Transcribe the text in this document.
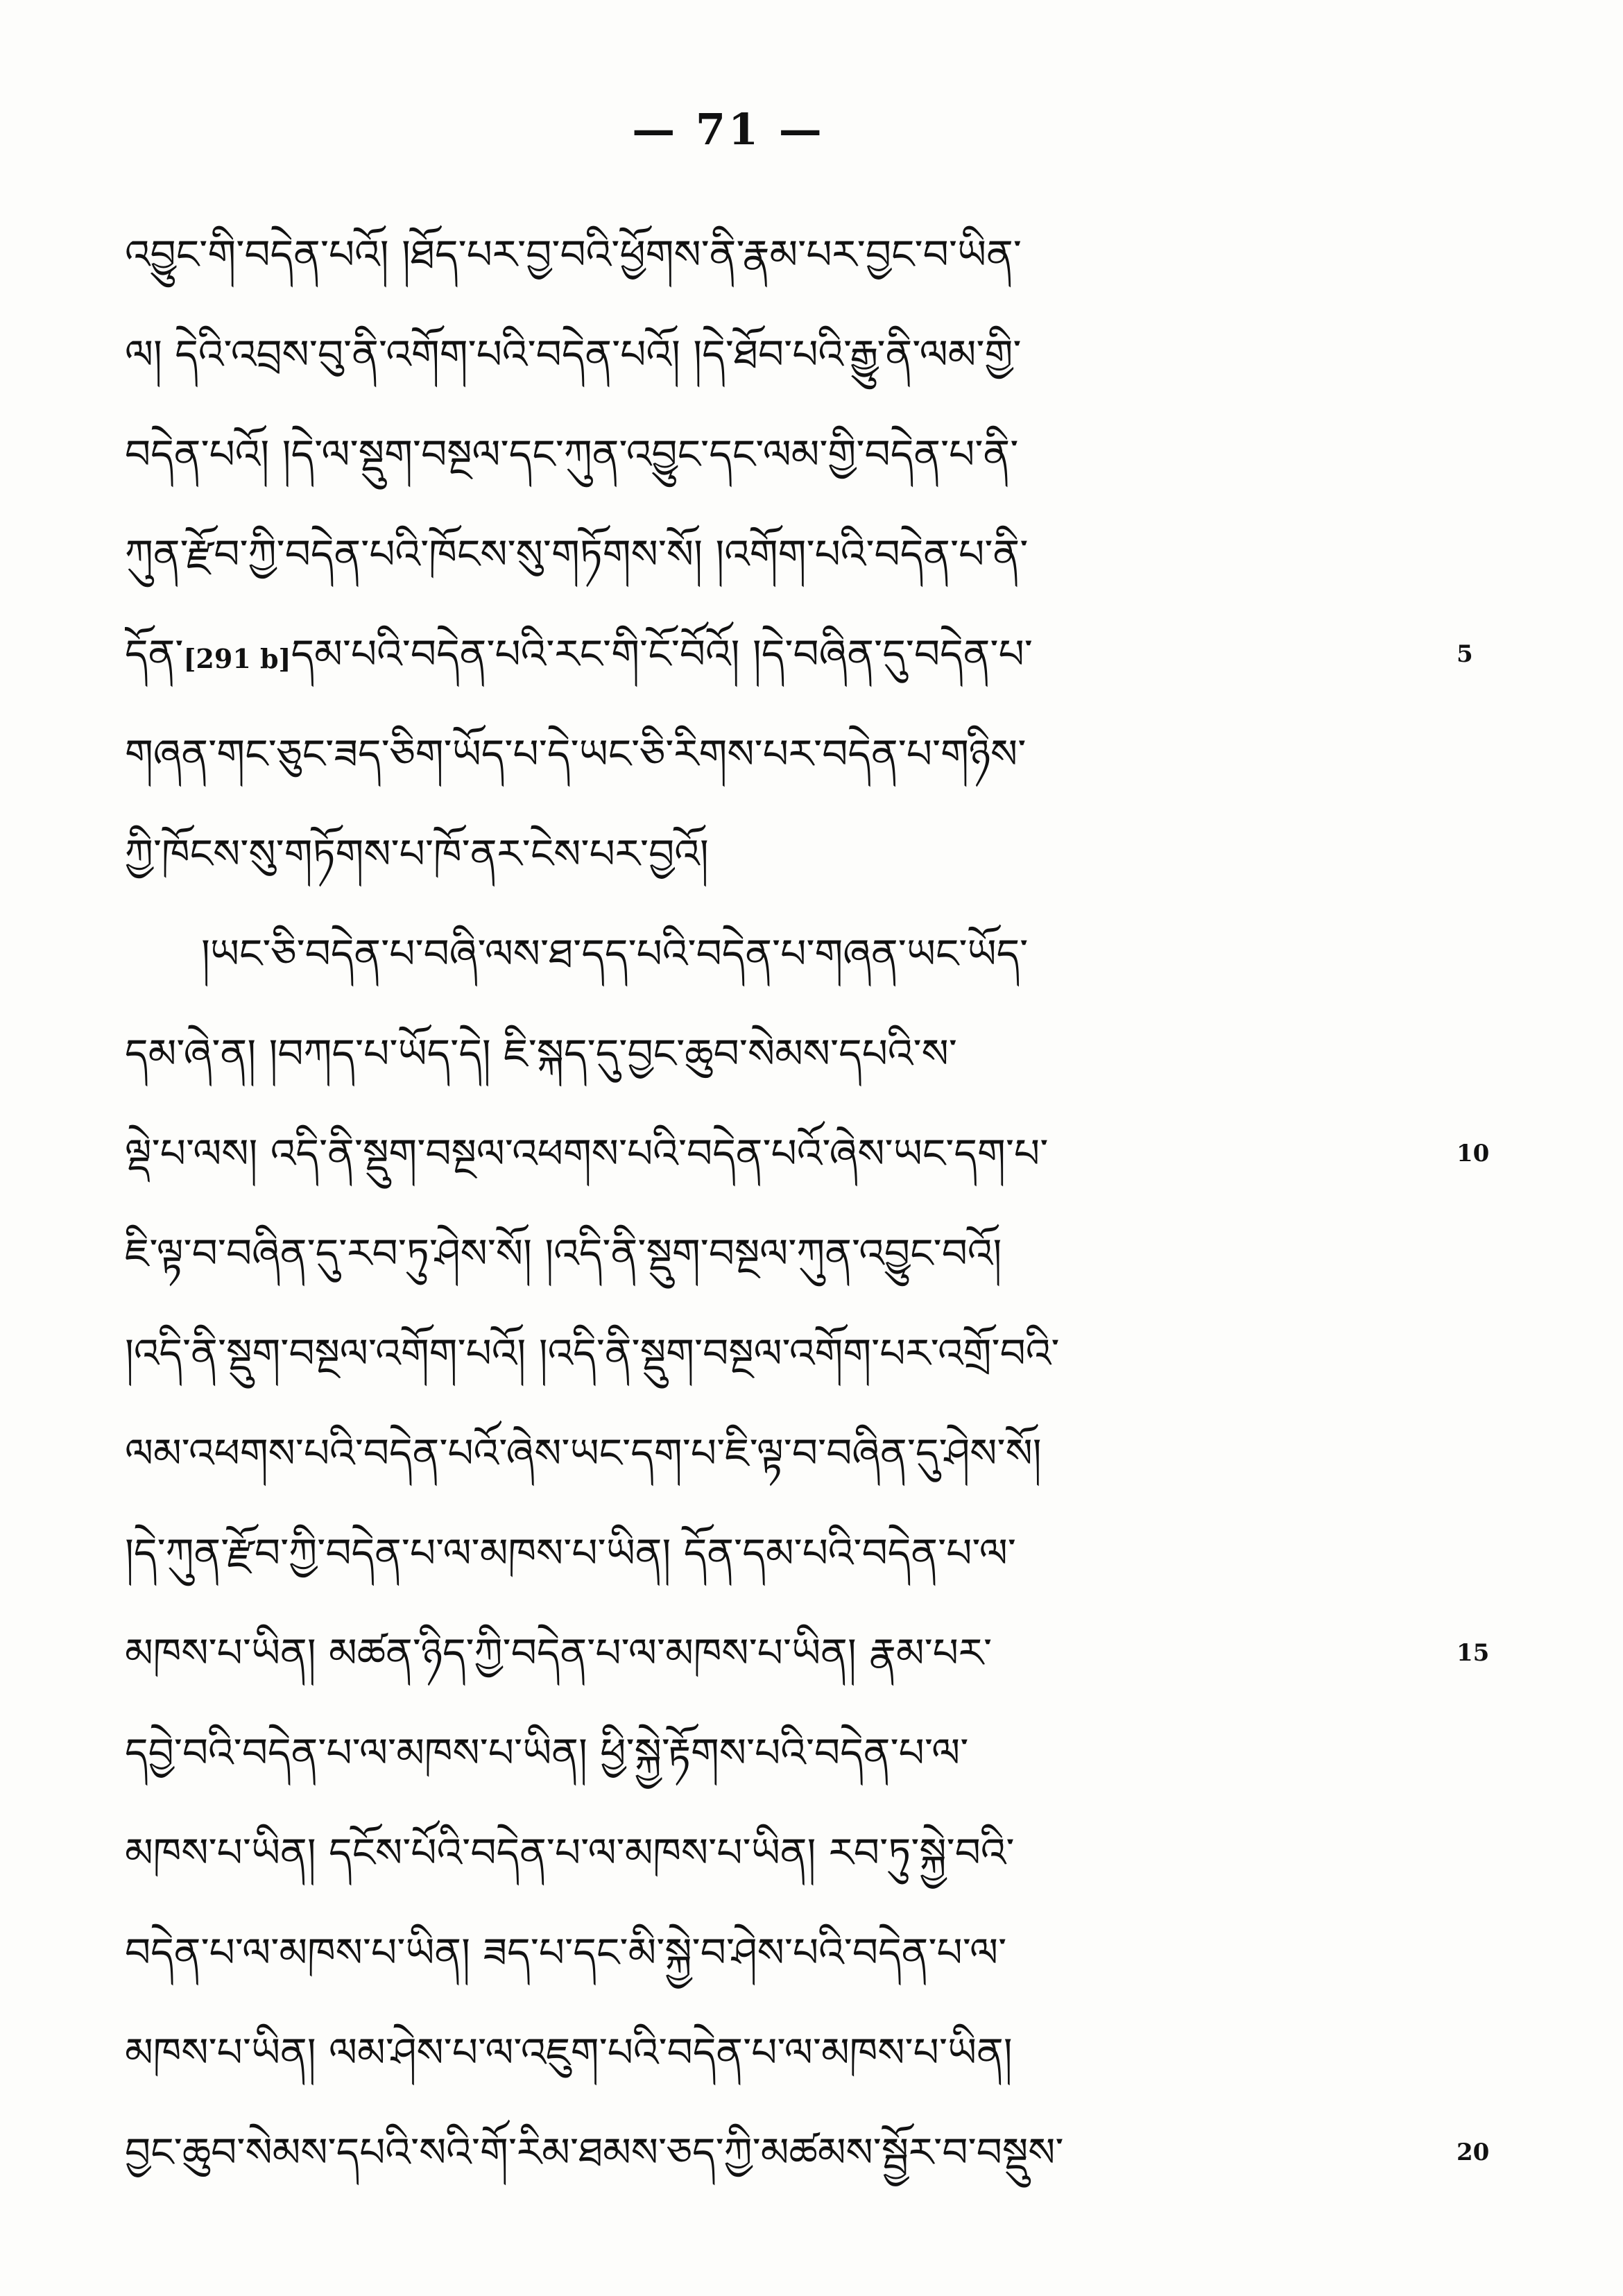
— 71 —
འབྱུང་གི་བདེན་པའོ། །ཐོད་པར་བྱ་བའི་ཕྱོགས་ནི་རྣམ་པར་བྱང་བ་ཡིན་
ལ། དེའི་འབྲས་བུ་ནི་འགོག་པའི་བདེན་པའོ། །དེ་ཐོབ་པའི་རྒྱུ་ནི་ལམ་གྱི་
བདེན་པའོ། །དེ་ལ་སྡུག་བསྔལ་དང་ཀུན་འབྱུང་དང་ལམ་གྱི་བདེན་པ་ནི་
ཀུན་རྫོབ་ཀྱི་བདེན་པའི་ཁོངས་སུ་གཏོགས་སོ། །འགོག་པའི་བདེན་པ་ནི་
དོན་[291 b]དམ་པའི་བདེན་པའི་རང་གི་ངོ་བོའོ། །དེ་བཞིན་དུ་བདེན་པ་	5
གཞན་གང་ཅུང་ཟད་ཅིག་ཡོད་པ་དེ་ཡང་ཅི་རིགས་པར་བདེན་པ་གཉིས་
ཀྱི་ཁོངས་སུ་གཏོགས་པ་ཁོ་ནར་ངེས་པར་བྱའོ།
།ཡང་ཅི་བདེན་པ་བཞི་ལས་ཐ་དད་པའི་བདེན་པ་གཞན་ཡང་ཡོད་
དམ་ཞེ་ན། །བཀད་པ་ཡོད་དེ། ཇི་སྐད་དུ་བྱང་ཆུབ་སེམས་དཔའི་ས་
ལྡེ་པ་ལས། འདི་ནི་སྡུག་བསྔལ་འཕགས་པའི་བདེན་པའོ་ཞེས་ཡང་དག་པ་	10
ཇི་ལྟ་བ་བཞིན་དུ་རབ་ཏུ་ཤེས་སོ། །འདི་ནི་སྡུག་བསྔལ་ཀུན་འབྱུང་བའོ།
།འདི་ནི་སྡུག་བསྔལ་འགོག་པའོ། །འདི་ནི་སྡུག་བསྔལ་འགོག་པར་འགྲོ་བའི་
ལམ་འཕགས་པའི་བདེན་པའོ་ཞེས་ཡང་དག་པ་ཇི་ལྟ་བ་བཞིན་དུ་ཤེས་སོ།
།དེ་ཀུན་རྫོབ་ཀྱི་བདེན་པ་ལ་མཁས་པ་ཡིན། དོན་དམ་པའི་བདེན་པ་ལ་
མཁས་པ་ཡིན། མཚན་ཉིད་ཀྱི་བདེན་པ་ལ་མཁས་པ་ཡིན། རྣམ་པར་	15
དབྱེ་བའི་བདེན་པ་ལ་མཁས་པ་ཡིན། ཕྱི་སྐྱེ་རྟོགས་པའི་བདེན་པ་ལ་
མཁས་པ་ཡིན། དངོས་པོའི་བདེན་པ་ལ་མཁས་པ་ཡིན། རབ་ཏུ་སྐྱེ་བའི་
བདེན་པ་ལ་མཁས་པ་ཡིན། ཟད་པ་དང་མི་སྐྱེ་བ་ཤེས་པའི་བདེན་པ་ལ་
མཁས་པ་ཡིན། ལམ་ཤེས་པ་ལ་འཇུག་པའི་བདེན་པ་ལ་མཁས་པ་ཡིན།
བྱང་ཆུབ་སེམས་དཔའི་སའི་གོ་རིམ་ཐམས་ཅད་ཀྱི་མཚམས་སྦྱོར་བ་བསྡུས་	20
